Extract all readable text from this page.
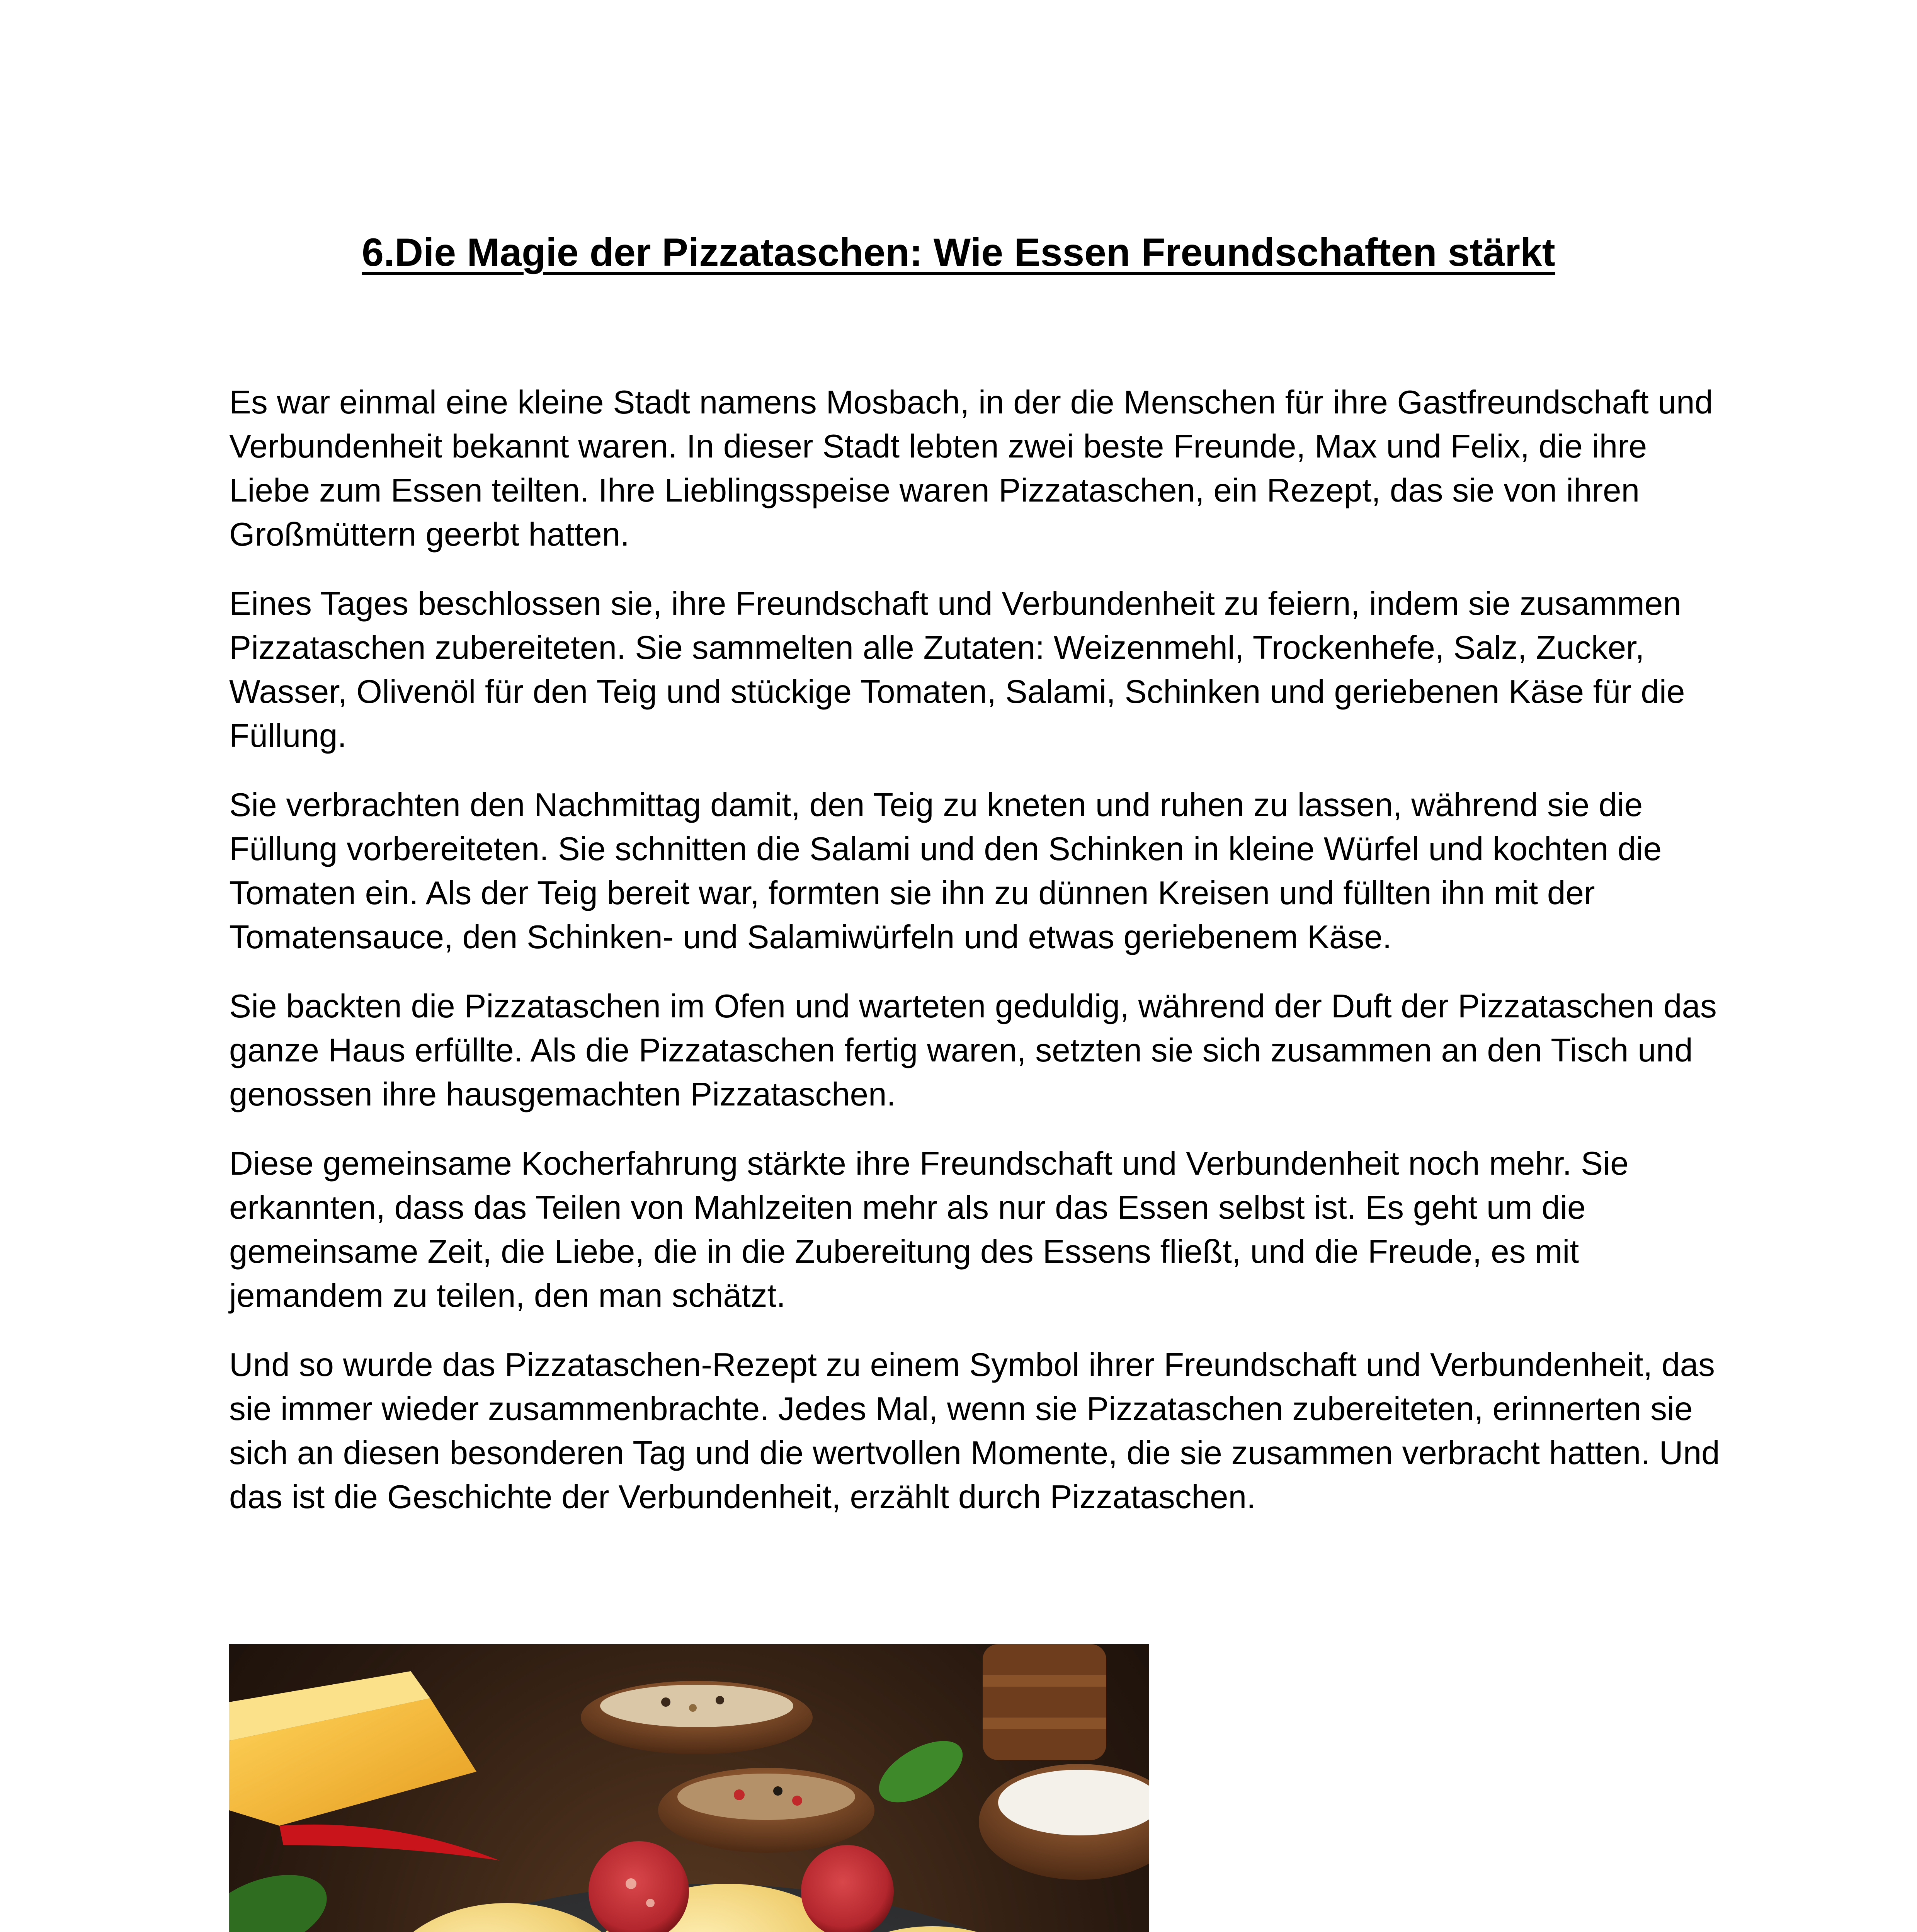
6.Die Magie der Pizzataschen: Wie Essen Freundschaften stärkt

Es war einmal eine kleine Stadt namens Mosbach, in der die Menschen für ihre Gastfreundschaft und Verbundenheit bekannt waren. In dieser Stadt lebten zwei beste Freunde, Max und Felix, die ihre Liebe zum Essen teilten. Ihre Lieblingsspeise waren Pizzataschen, ein Rezept, das sie von ihren Großmüttern geerbt hatten.

Eines Tages beschlossen sie, ihre Freundschaft und Verbundenheit zu feiern, indem sie zusammen Pizzataschen zubereiteten. Sie sammelten alle Zutaten: Weizenmehl, Trockenhefe, Salz, Zucker, Wasser, Olivenöl für den Teig und stückige Tomaten, Salami, Schinken und geriebenen Käse für die Füllung.

Sie verbrachten den Nachmittag damit, den Teig zu kneten und ruhen zu lassen, während sie die Füllung vorbereiteten. Sie schnitten die Salami und den Schinken in kleine Würfel und kochten die Tomaten ein. Als der Teig bereit war, formten sie ihn zu dünnen Kreisen und füllten ihn mit der Tomatensauce, den Schinken- und Salamiwürfeln und etwas geriebenem Käse.

Sie backten die Pizzataschen im Ofen und warteten geduldig, während der Duft der Pizzataschen das ganze Haus erfüllte. Als die Pizzataschen fertig waren, setzten sie sich zusammen an den Tisch und genossen ihre hausgemachten Pizzataschen.

Diese gemeinsame Kocherfahrung stärkte ihre Freundschaft und Verbundenheit noch mehr. Sie erkannten, dass das Teilen von Mahlzeiten mehr als nur das Essen selbst ist. Es geht um die gemeinsame Zeit, die Liebe, die in die Zubereitung des Essens fließt, und die Freude, es mit jemandem zu teilen, den man schätzt.

Und so wurde das Pizzataschen-Rezept zu einem Symbol ihrer Freundschaft und Verbundenheit, das sie immer wieder zusammenbrachte. Jedes Mal, wenn sie Pizzataschen zubereiteten, erinnerten sie sich an diesen besonderen Tag und die wertvollen Momente, die sie zusammen verbracht hatten. Und das ist die Geschichte der Verbundenheit, erzählt durch Pizzataschen.
